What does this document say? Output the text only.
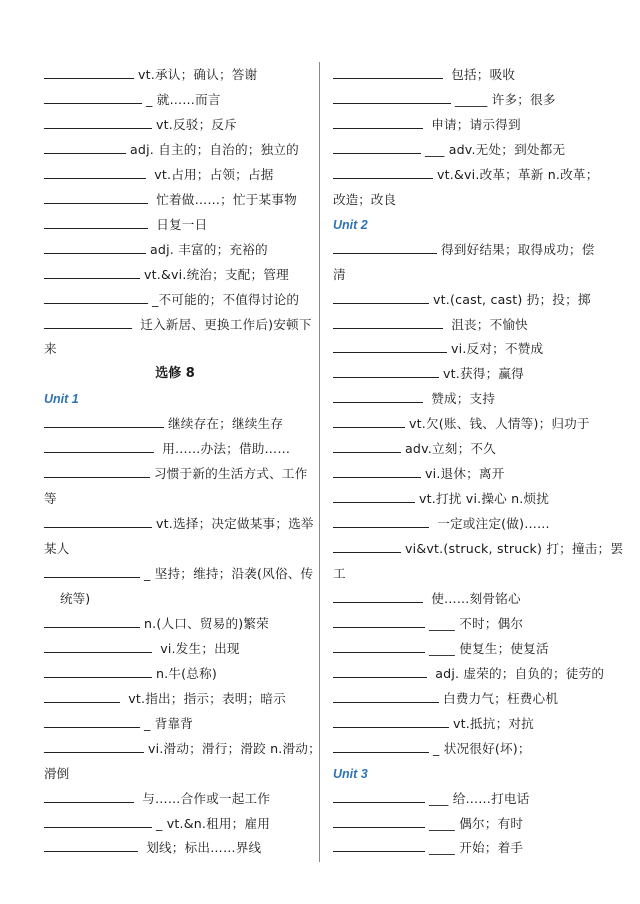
vt.承认；确认；答谢
_ 就……而言
vt.反驳；反斥
adj. 自主的；自治的；独立的
vt.占用；占领；占据
忙着做……；忙于某事物
日复一日
adj. 丰富的；充裕的
vt.&vi.统治；支配；管理
_不可能的；不值得讨论的
迁入新居、更换工作后)安顿下
来
选修 8
Unit 1
继续存在；继续生存
用……办法；借助……
习惯于新的生活方式、工作
等
vt.选择；决定做某事；选举
某人
_ 坚持；维持；沿袭(风俗、传
统等)
n.(人口、贸易的)繁荣
vi.发生；出现
n.牛(总称)
vt.指出；指示；表明；暗示
_ 背靠背
vi.滑动；滑行；滑跤 n.滑动；
滑倒
与……合作或一起工作
_ vt.&n.租用；雇用
划线；标出……界线
包括；吸收
_____ 许多；很多
申请；请示得到
___ adv.无处；到处都无
vt.&vi.改革；革新 n.改革；
改造；改良
Unit 2
得到好结果；取得成功；偿
清
vt.(cast, cast) 扔；投；掷
沮丧；不愉快
vi.反对；不赞成
vt.获得；赢得
赞成；支持
vt.欠(账、钱、人情等)；归功于
adv.立刻；不久
vi.退休；离开
vt.打扰 vi.操心 n.烦扰
一定或注定(做)……
vi&vt.(struck, struck) 打；撞击；罢
工
使……刻骨铭心
____ 不时；偶尔
____ 使复生；使复活
adj. 虚荣的；自负的；徒劳的
白费力气；枉费心机
vt.抵抗；对抗
_ 状况很好(坏)；
Unit 3
___ 给……打电话
____ 偶尔；有时
____ 开始；着手
